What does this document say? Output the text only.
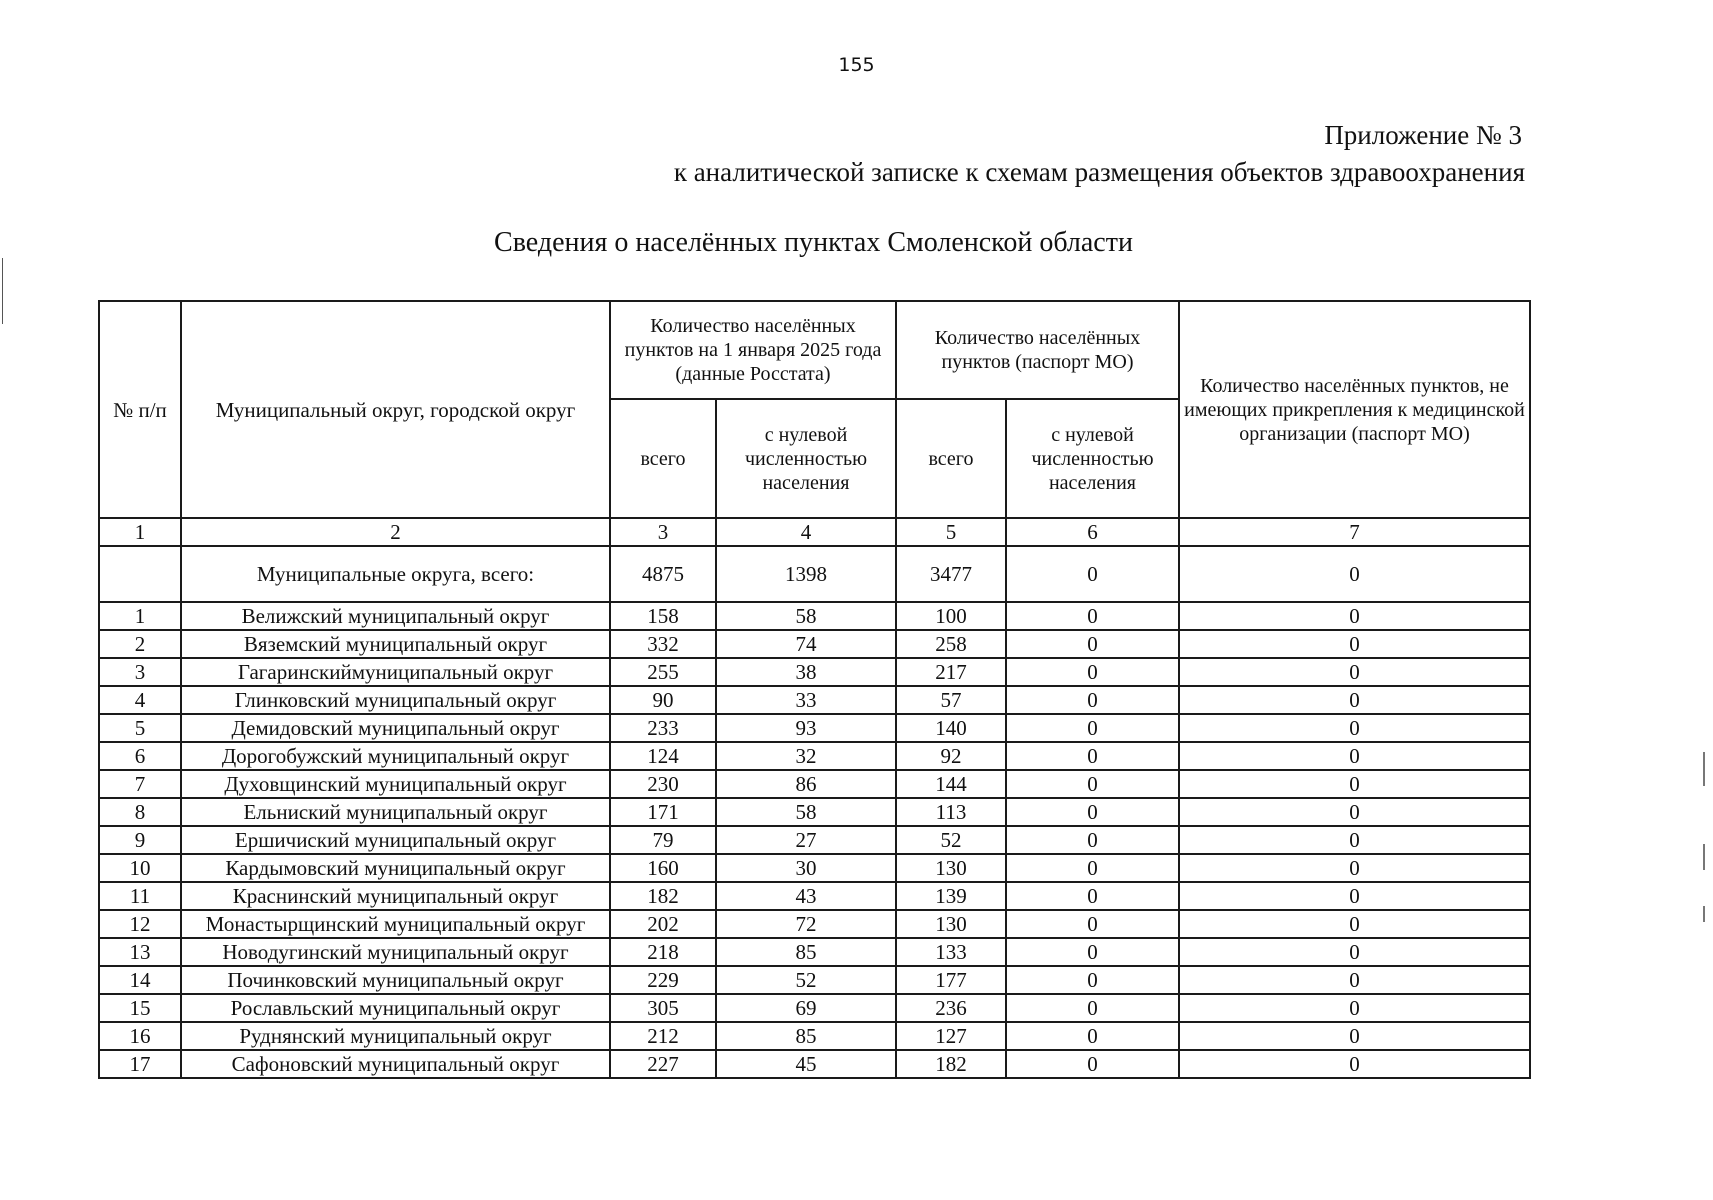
155
Приложение № 3
к аналитической записке к схемам размещения объектов здравоохранения
Сведения о населённых пунктах Смоленской области
№ п/п	Муниципальный округ, городской округ	Количество населённых пунктов на 1 января 2025 года (данные Росстата)		Количество населённых пунктов (паспорт МО)		Количество населённых пунктов, не имеющих прикрепления к медицинской организации (паспорт МО)
		всего	с нулевой численностью населения	всего	с нулевой численностью населения	
1	2	3	4	5	6	7
	Муниципальные округа, всего:	4875	1398	3477	0	0
1	Велижский муниципальный округ	158	58	100	0	0
2	Вяземский муниципальный округ	332	74	258	0	0
3	Гагаринскиймуниципальный округ	255	38	217	0	0
4	Глинковский муниципальный округ	90	33	57	0	0
5	Демидовский муниципальный округ	233	93	140	0	0
6	Дорогобужский муниципальный округ	124	32	92	0	0
7	Духовщинский муниципальный округ	230	86	144	0	0
8	Ельниский муниципальный округ	171	58	113	0	0
9	Ершичиский муниципальный округ	79	27	52	0	0
10	Кардымовский муниципальный округ	160	30	130	0	0
11	Краснинский муниципальный округ	182	43	139	0	0
12	Монастырщинский муниципальный округ	202	72	130	0	0
13	Новодугинский муниципальный округ	218	85	133	0	0
14	Починковский муниципальный округ	229	52	177	0	0
15	Рославльский муниципальный округ	305	69	236	0	0
16	Руднянский муниципальный округ	212	85	127	0	0
17	Сафоновский муниципальный округ	227	45	182	0	0
